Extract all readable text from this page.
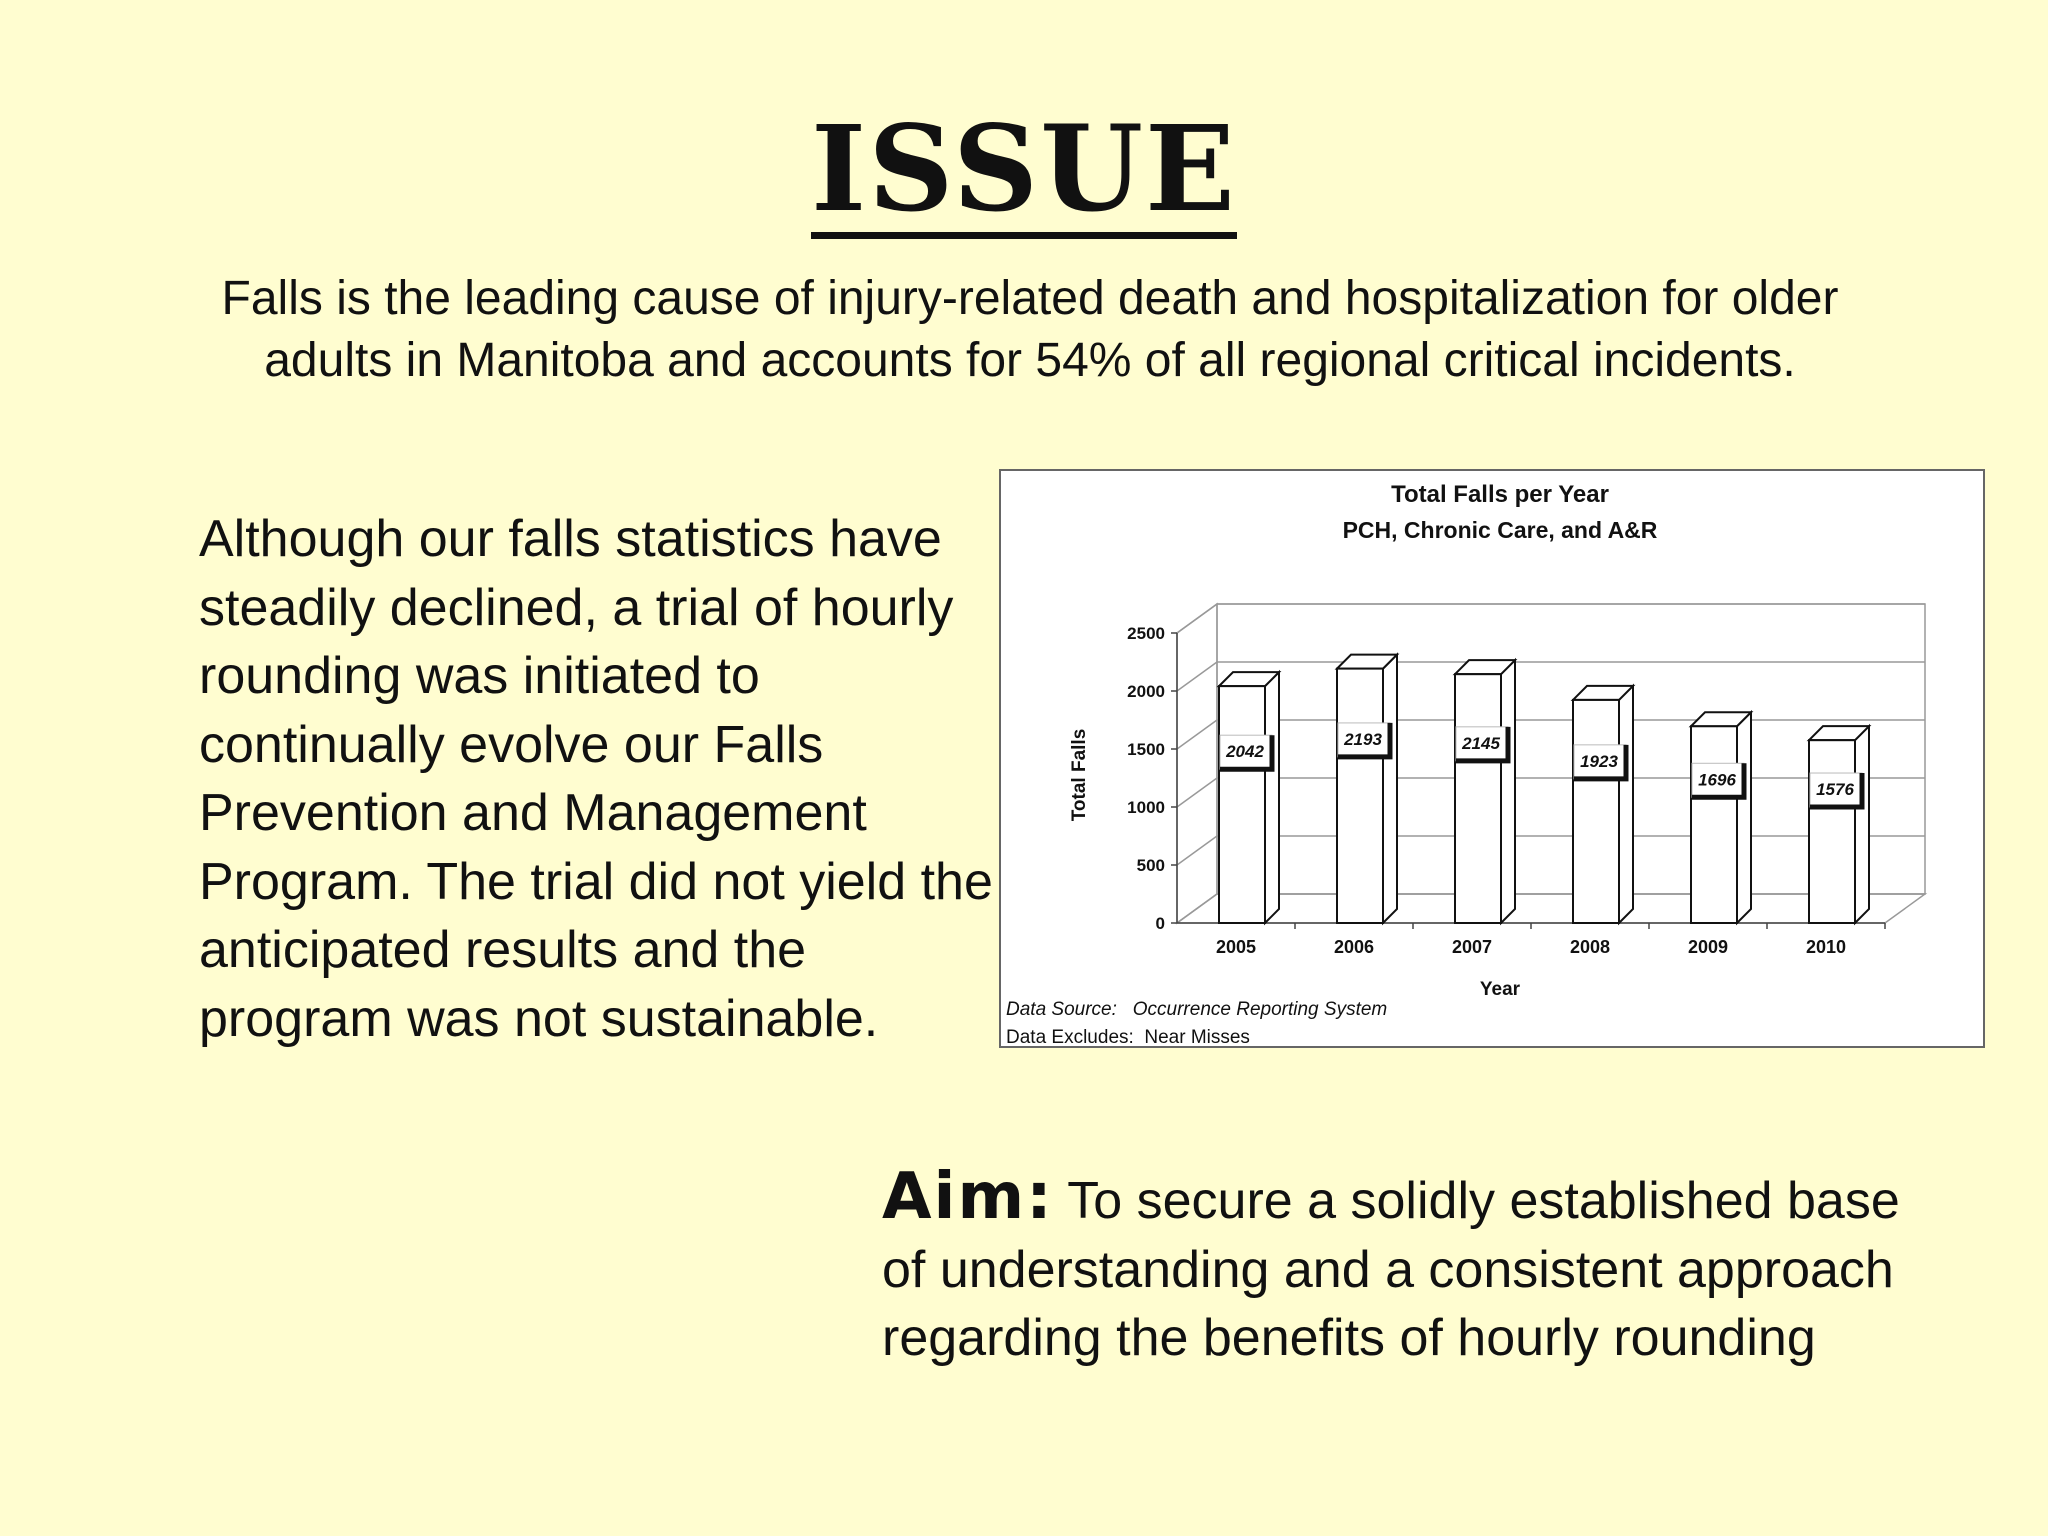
ISSUE
Falls is the leading cause of injury-related death and hospitalization for older adults in Manitoba and accounts for 54% of all regional critical incidents.
Although our falls statistics have steadily declined, a trial of hourly rounding was initiated to continually evolve our Falls Prevention and Management Program. The trial did not yield the anticipated results and the program was not sustainable.
Total Falls per Year
PCH, Chronic Care, and A&R
0
500
1000
1500
2000
2500
2042
2193	2145
1923
1696
1576
2005	2006	2007	2008	2009	2010
Year
Total Falls
Data Source: Occurrence Reporting System
Data Excludes: Near Misses
Aim: To secure a solidly established base of understanding and a consistent approach regarding the benefits of hourly rounding
